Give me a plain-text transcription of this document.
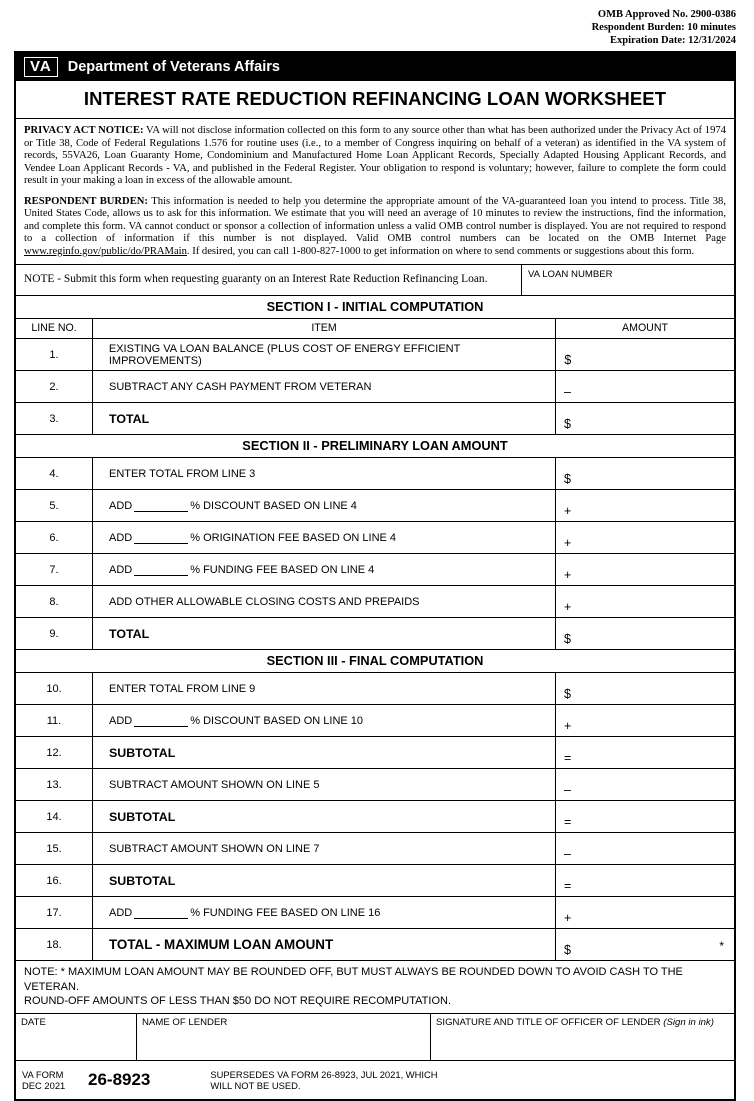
OMB Approved No. 2900-0386
Respondent Burden: 10 minutes
Expiration Date: 12/31/2024
VA	Department of Veterans Affairs
INTEREST RATE REDUCTION REFINANCING LOAN WORKSHEET

PRIVACY ACT NOTICE: VA will not disclose information collected on this form to any source other than what has been authorized under the Privacy Act of 1974 or Title 38, Code of Federal Regulations 1.576 for routine uses (i.e., to a member of Congress inquiring on behalf of a veteran) as identified in the VA system of records, 55VA26, Loan Guaranty Home, Condominium and Manufactured Home Loan Applicant Records, Specially Adapted Housing Applicant Records, and Vendee Loan Applicant Records - VA, and published in the Federal Register. Your obligation to respond is voluntary; however, failure to complete the form could result in your making a loan in excess of the allowable amount.

RESPONDENT BURDEN: This information is needed to help you determine the appropriate amount of the VA-guaranteed loan you intend to process. Title 38, United States Code, allows us to ask for this information. We estimate that you will need an average of 10 minutes to review the instructions, find the information, and complete this form. VA cannot conduct or sponsor a collection of information unless a valid OMB control number is displayed. You are not required to respond to a collection of information if this number is not displayed. Valid OMB control numbers can be located on the OMB Internet Page www.reginfo.gov/public/do/PRAMain. If desired, you can call 1-800-827-1000 to get information on where to send comments or suggestions about this form.

NOTE - Submit this form when requesting guaranty on an Interest Rate Reduction Refinancing Loan.	VA LOAN NUMBER
SECTION I - INITIAL COMPUTATION
LINE NO.	ITEM	AMOUNT
1.	EXISTING VA LOAN BALANCE (PLUS COST OF ENERGY EFFICIENT IMPROVEMENTS)	$
2.	SUBTRACT ANY CASH PAYMENT FROM VETERAN	–
3.	TOTAL	$
SECTION II - PRELIMINARY LOAN AMOUNT
4.	ENTER TOTAL FROM LINE 3	$
5.	ADD	% DISCOUNT BASED ON LINE 4	+
6.	ADD	% ORIGINATION FEE BASED ON LINE 4	+
7.	ADD	% FUNDING FEE BASED ON LINE 4	+
8.	ADD OTHER ALLOWABLE CLOSING COSTS AND PREPAIDS	+
9.	TOTAL	$
SECTION III - FINAL COMPUTATION
10.	ENTER TOTAL FROM LINE 9	$
11.	ADD	% DISCOUNT BASED ON LINE 10	+
12.	SUBTOTAL	=
13.	SUBTRACT AMOUNT SHOWN ON LINE 5	–
14.	SUBTOTAL	=
15.	SUBTRACT AMOUNT SHOWN ON LINE 7	–
16.	SUBTOTAL	=
17.	ADD	% FUNDING FEE BASED ON LINE 16	+
18.	TOTAL - MAXIMUM LOAN AMOUNT	$	*
NOTE: * MAXIMUM LOAN AMOUNT MAY BE ROUNDED OFF, BUT MUST ALWAYS BE ROUNDED DOWN TO AVOID CASH TO THE VETERAN.
ROUND-OFF AMOUNTS OF LESS THAN $50 DO NOT REQUIRE RECOMPUTATION.
DATE	NAME OF LENDER	SIGNATURE AND TITLE OF OFFICER OF LENDER (Sign in ink)
VA FORM
DEC 2021	26-8923	SUPERSEDES VA FORM 26-8923, JUL 2021, WHICH
WILL NOT BE USED.
